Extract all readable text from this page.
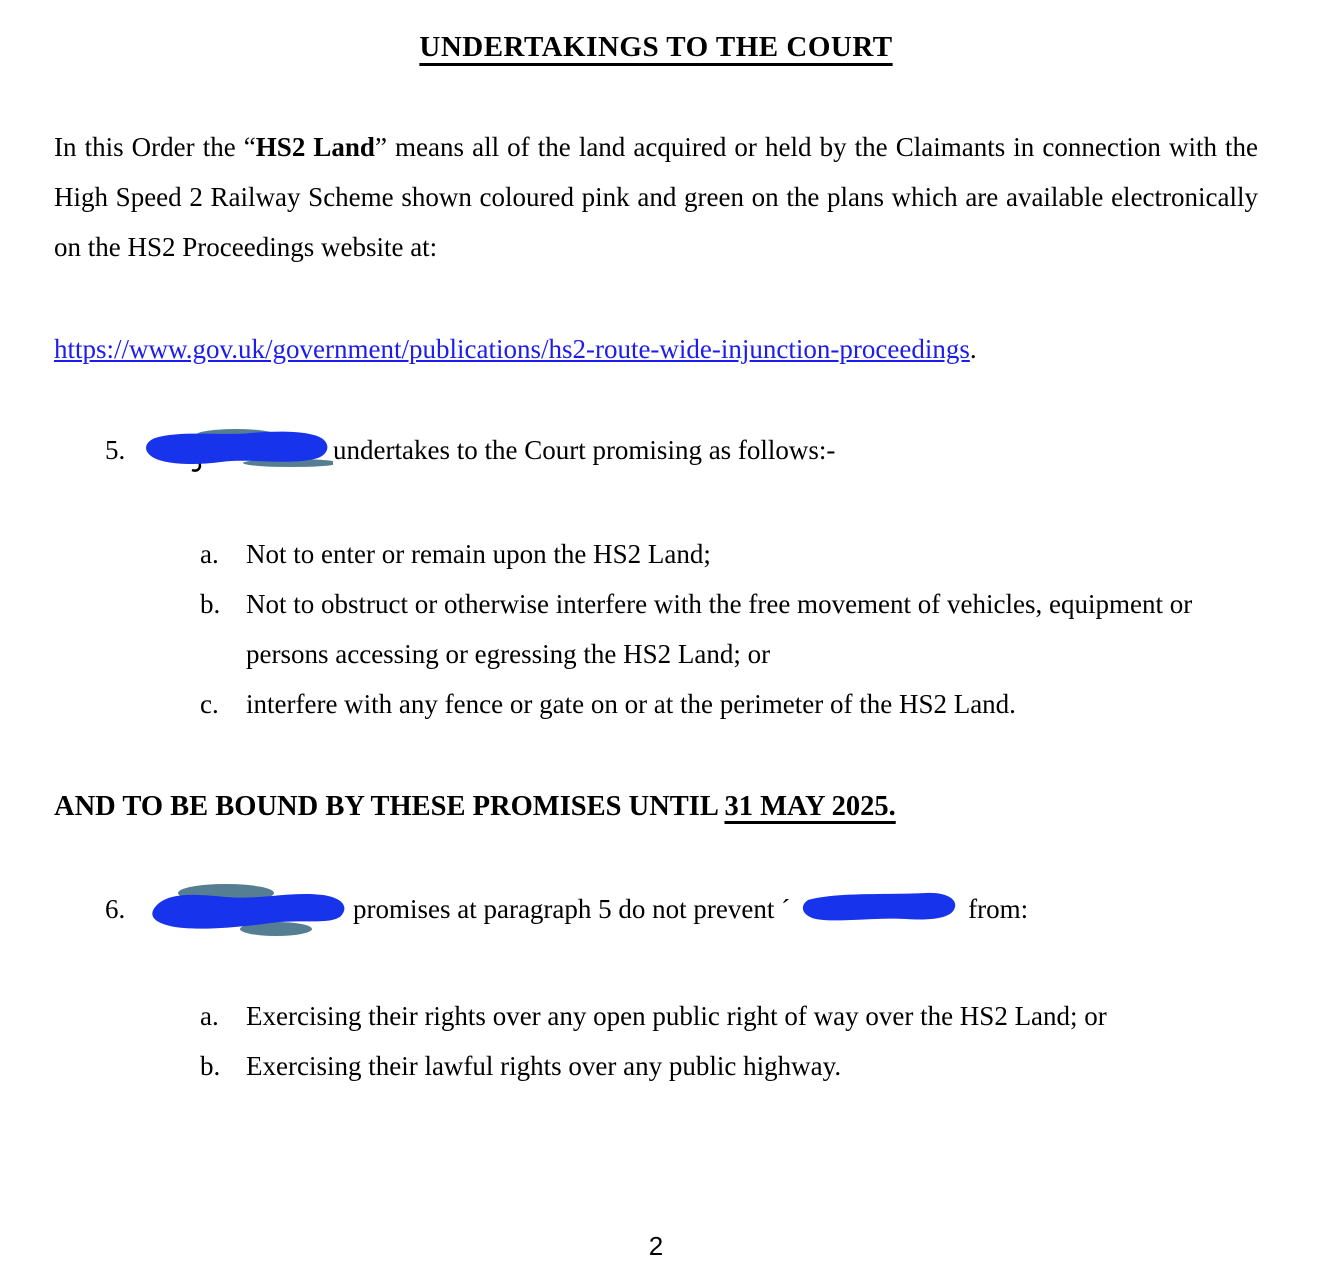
UNDERTAKINGS TO THE COURT
In this Order the “HS2 Land” means all of the land acquired or held by the Claimants in connection with the High Speed 2 Railway Scheme shown coloured pink and green on the plans which are available electronically on the HS2 Proceedings website at:
https://www.gov.uk/government/publications/hs2-route-wide-injunction-proceedings.
5.	undertakes to the Court promising as follows:-
a.	Not to enter or remain upon the HS2 Land;
b. Not to obstruct or otherwise interfere with the free movement of vehicles, equipment or persons accessing or egressing the HS2 Land; or
c.	interfere with any fence or gate on or at the perimeter of the HS2 Land.
AND TO BE BOUND BY THESE PROMISES UNTIL 31 MAY 2025.
6.	promises at paragraph 5 do not prevent ´	from:
a.	Exercising their rights over any open public right of way over the HS2 Land; or
b. Exercising their lawful rights over any public highway.
2
